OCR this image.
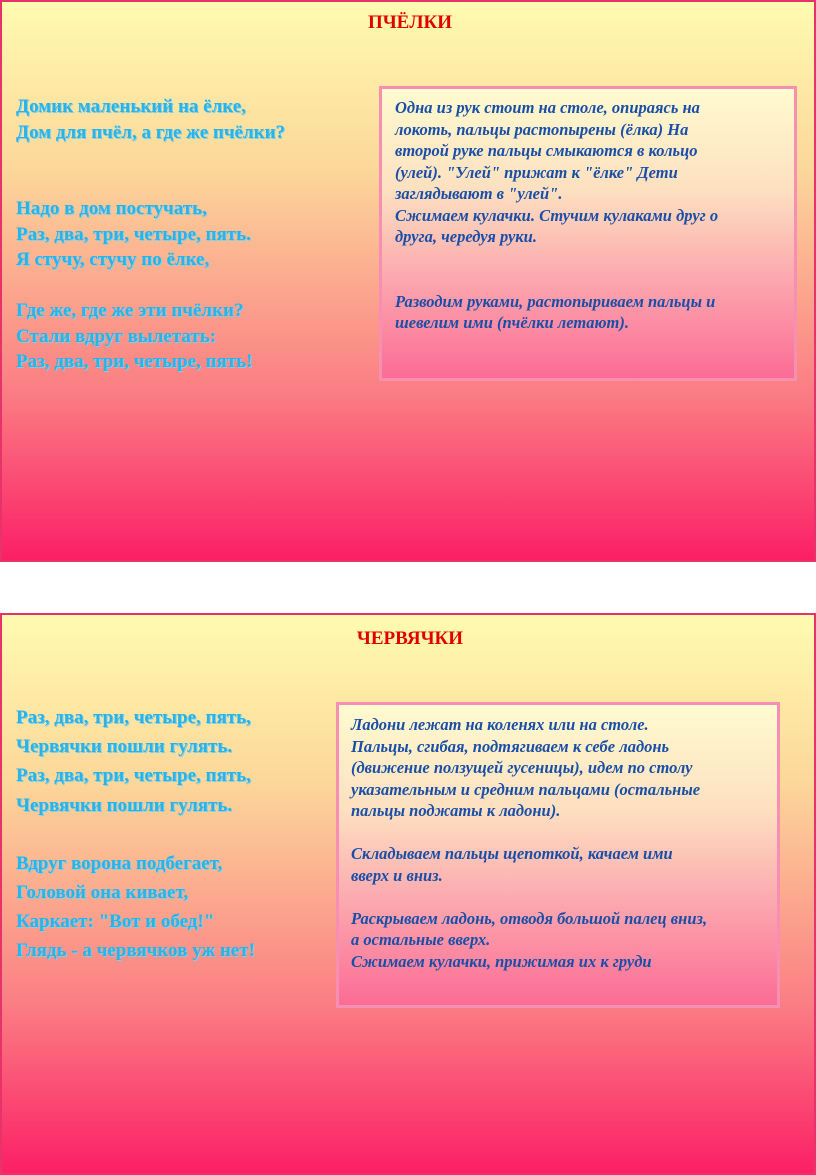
ПЧЁЛКИ

Домик маленький на ёлке,

Дом для пчёл, а где же пчёлки?

Надо в дом постучать,

Раз, два, три, четыре, пять.

Я стучу, стучу по ёлке,

Где же, где же эти пчёлки?

Стали вдруг вылетать:

Раз, два, три, четыре, пять!

Одна из рук стоит на столе, опираясь на

локоть, пальцы растопырены (ёлка) На

второй руке пальцы смыкаются в кольцо

(улей). "Улей" прижат к "ёлке" Дети

заглядывают в "улей".

Сжимаем кулачки. Стучим кулаками друг о

друга, чередуя руки.

Разводим руками, растопыриваем пальцы и

шевелим ими (пчёлки летают).

ЧЕРВЯЧКИ

Раз, два, три, четыре, пять,

Червячки пошли гулять.

Раз, два, три, четыре, пять,

Червячки пошли гулять.

Вдруг ворона подбегает,

Головой она кивает,

Каркает: "Вот и обед!"

Глядь - а червячков уж нет!

Ладони лежат на коленях или на столе.

Пальцы, сгибая, подтягиваем к себе ладонь

(движение ползущей гусеницы), идем по столу

указательным и средним пальцами (остальные

пальцы поджаты к ладони).

Складываем пальцы щепоткой, качаем ими

вверх и вниз.

Раскрываем ладонь, отводя большой палец вниз,

а остальные вверх.

Сжимаем кулачки, прижимая их к груди
